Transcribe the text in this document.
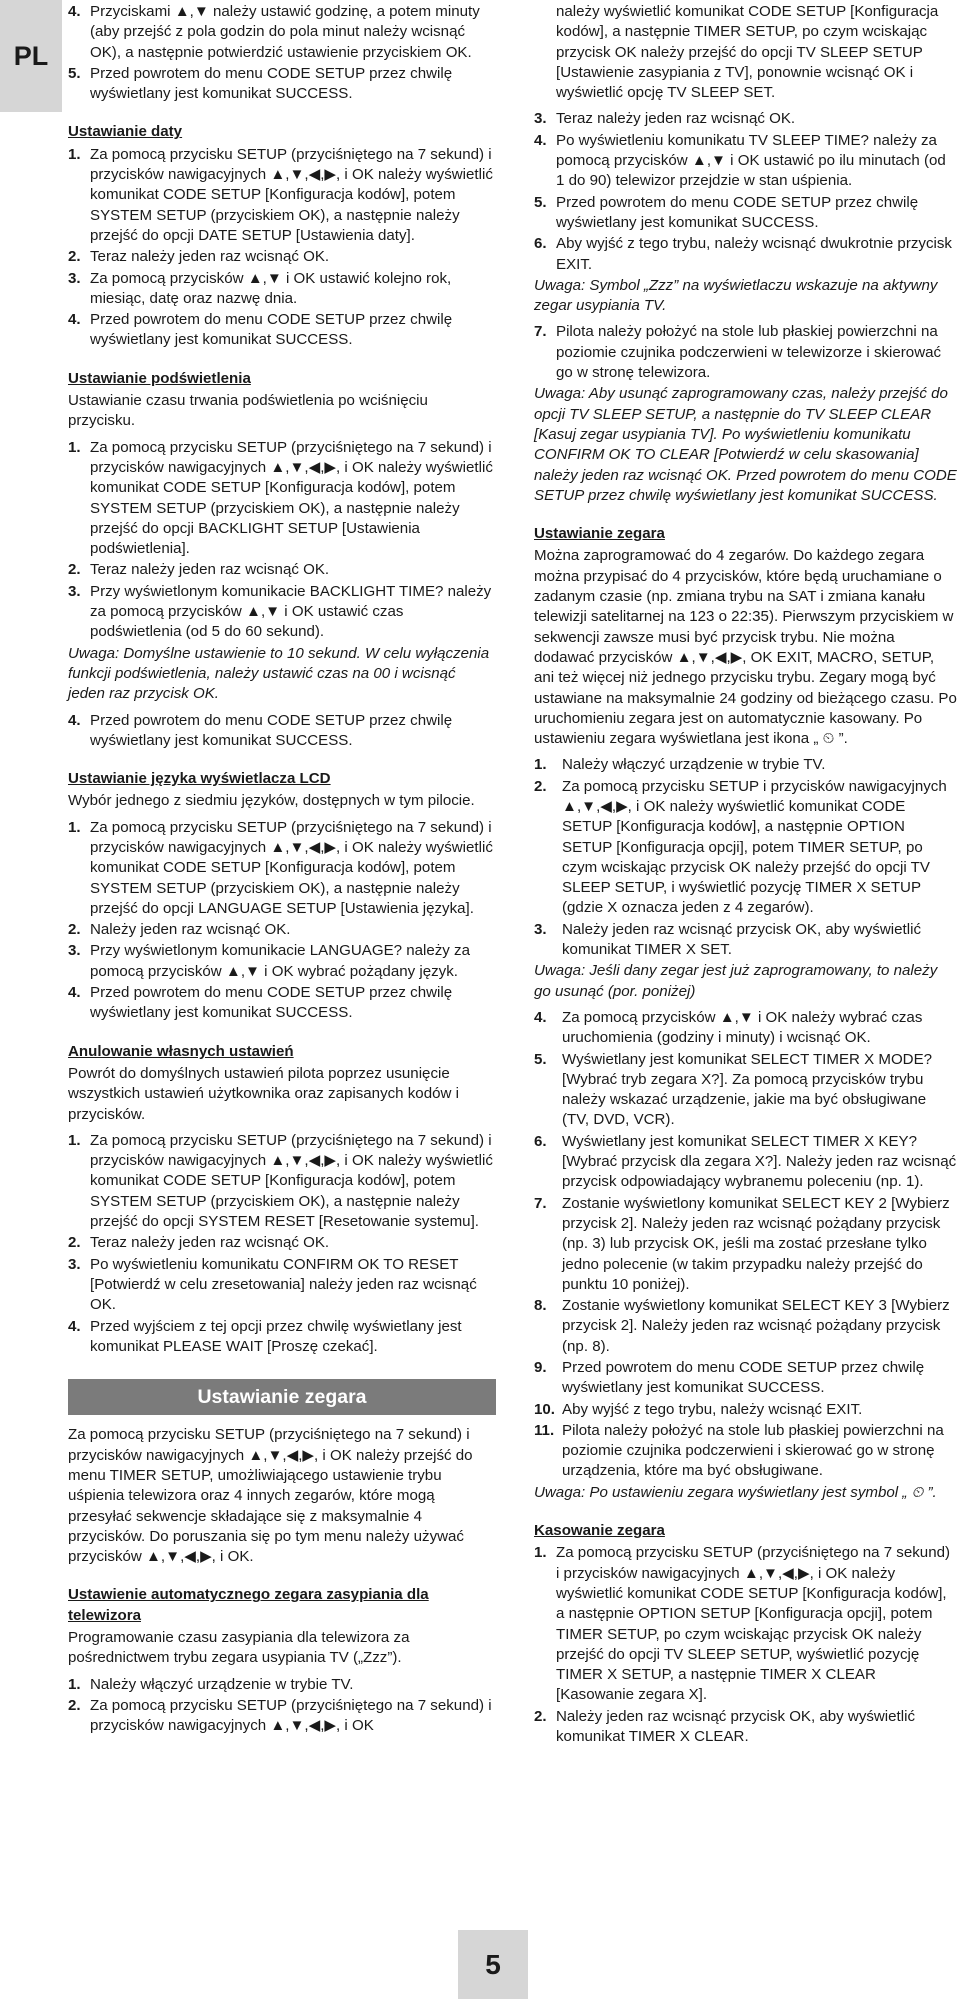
PL
4. Przyciskami ▲,▼ należy ustawić godzinę, a potem minuty (aby przejść z pola godzin do pola minut należy wcisnąć OK), a następnie potwierdzić ustawienie przyciskiem OK.
5. Przed powrotem do menu CODE SETUP przez chwilę wyświetlany jest komunikat SUCCESS.
Ustawianie daty
1. Za pomocą przycisku SETUP (przyciśniętego na 7 sekund) i przycisków nawigacyjnych ▲,▼,◀,▶, i OK należy wyświetlić komunikat CODE SETUP [Konfiguracja kodów], potem SYSTEM SETUP (przyciskiem OK), a następnie należy przejść do opcji DATE SETUP [Ustawienia daty].
2. Teraz należy jeden raz wcisnąć OK.
3. Za pomocą przycisków ▲,▼ i OK ustawić kolejno rok, miesiąc, datę oraz nazwę dnia.
4. Przed powrotem do menu CODE SETUP przez chwilę wyświetlany jest komunikat SUCCESS.
Ustawianie podświetlenia

Ustawianie czasu trwania podświetlenia po wciśnięciu przycisku.

1. Za pomocą przycisku SETUP (przyciśniętego na 7 sekund) i przycisków nawigacyjnych ▲,▼,◀,▶, i OK należy wyświetlić komunikat CODE SETUP [Konfiguracja kodów], potem SYSTEM SETUP (przyciskiem OK), a następnie należy przejść do opcji BACKLIGHT SETUP [Ustawienia podświetlenia].
2. Teraz należy jeden raz wcisnąć OK.
3. Przy wyświetlonym komunikacie BACKLIGHT TIME? należy za pomocą przycisków ▲,▼ i OK ustawić czas podświetlenia (od 5 do 60 sekund).

Uwaga: Domyślne ustawienie to 10 sekund. W celu wyłączenia funkcji podświetlenia, należy ustawić czas na 00 i wcisnąć jeden raz przycisk OK.

4. Przed powrotem do menu CODE SETUP przez chwilę wyświetlany jest komunikat SUCCESS.
Ustawianie języka wyświetlacza LCD

Wybór jednego z siedmiu języków, dostępnych w tym pilocie.

1. Za pomocą przycisku SETUP (przyciśniętego na 7 sekund) i przycisków nawigacyjnych ▲,▼,◀,▶, i OK należy wyświetlić komunikat CODE SETUP [Konfiguracja kodów], potem SYSTEM SETUP (przyciskiem OK), a następnie należy przejść do opcji LANGUAGE SETUP [Ustawienia języka].
2. Należy jeden raz wcisnąć OK.
3. Przy wyświetlonym komunikacie LANGUAGE? należy za pomocą przycisków ▲,▼ i OK wybrać pożądany język.
4. Przed powrotem do menu CODE SETUP przez chwilę wyświetlany jest komunikat SUCCESS.
Anulowanie własnych ustawień

Powrót do domyślnych ustawień pilota poprzez usunięcie wszystkich ustawień użytkownika oraz zapisanych kodów i przycisków.

1. Za pomocą przycisku SETUP (przyciśniętego na 7 sekund) i przycisków nawigacyjnych ▲,▼,◀,▶, i OK należy wyświetlić komunikat CODE SETUP [Konfiguracja kodów], potem SYSTEM SETUP (przyciskiem OK), a następnie należy przejść do opcji SYSTEM RESET [Resetowanie systemu].
2. Teraz należy jeden raz wcisnąć OK.
3. Po wyświetleniu komunikatu CONFIRM OK TO RESET [Potwierdź w celu zresetowania] należy jeden raz wcisnąć OK.
4. Przed wyjściem z tej opcji przez chwilę wyświetlany jest komunikat PLEASE WAIT [Proszę czekać].
Ustawianie zegara

Za pomocą przycisku SETUP (przyciśniętego na 7 sekund) i przycisków nawigacyjnych ▲,▼,◀,▶, i OK należy przejść do menu TIMER SETUP, umożliwiającego ustawienie trybu uśpienia telewizora oraz 4 innych zegarów, które mogą przesyłać sekwencje składające się z maksymalnie 4 przycisków. Do poruszania się po tym menu należy używać przycisków ▲,▼,◀,▶, i OK.

Ustawienie automatycznego zegara zasypiania dla telewizora

Programowanie czasu zasypiania dla telewizora za pośrednictwem trybu zegara usypiania TV („Zzz”).

1. Należy włączyć urządzenie w trybie TV.
2. Za pomocą przycisku SETUP (przyciśniętego na 7 sekund) i przycisków nawigacyjnych ▲,▼,◀,▶, i OK

należy wyświetlić komunikat CODE SETUP [Konfiguracja kodów], a następnie TIMER SETUP, po czym wciskając przycisk OK należy przejść do opcji TV SLEEP SETUP [Ustawienie zasypiania z TV], ponownie wcisnąć OK i wyświetlić opcję TV SLEEP SET.

3. Teraz należy jeden raz wcisnąć OK.
4. Po wyświetleniu komunikatu TV SLEEP TIME? należy za pomocą przycisków ▲,▼ i OK ustawić po ilu minutach (od 1 do 90) telewizor przejdzie w stan uśpienia.
5. Przed powrotem do menu CODE SETUP przez chwilę wyświetlany jest komunikat SUCCESS.
6. Aby wyjść z tego trybu, należy wcisnąć dwukrotnie przycisk EXIT.

Uwaga: Symbol „Zzz” na wyświetlaczu wskazuje na aktywny zegar usypiania TV.

7. Pilota należy położyć na stole lub płaskiej powierzchni na poziomie czujnika podczerwieni w telewizorze i skierować go w stronę telewizora.

Uwaga: Aby usunąć zaprogramowany czas, należy przejść do opcji TV SLEEP SETUP, a następnie do TV SLEEP CLEAR [Kasuj zegar usypiania TV]. Po wyświetleniu komunikatu CONFIRM OK TO CLEAR [Potwierdź w celu skasowania] należy jeden raz wcisnąć OK. Przed powrotem do menu CODE SETUP przez chwilę wyświetlany jest komunikat SUCCESS.

Ustawianie zegara

Można zaprogramować do 4 zegarów. Do każdego zegara można przypisać do 4 przycisków, które będą uruchamiane o zadanym czasie (np. zmiana trybu na SAT i zmiana kanału telewizji satelitarnej na 123 o 22:35). Pierwszym przyciskiem w sekwencji zawsze musi być przycisk trybu. Nie można dodawać przycisków ▲,▼,◀,▶, OK EXIT, MACRO, SETUP, ani też więcej niż jednego przycisku trybu. Zegary mogą być ustawiane na maksymalnie 24 godziny od bieżącego czasu. Po uruchomieniu zegara jest on automatycznie kasowany. Po ustawieniu zegara wyświetlana jest ikona „ ⏲ ”.

1. Należy włączyć urządzenie w trybie TV.
2. Za pomocą przycisku SETUP i przycisków nawigacyjnych ▲,▼,◀,▶, i OK należy wyświetlić komunikat CODE SETUP [Konfiguracja kodów], a następnie OPTION SETUP [Konfiguracja opcji], potem TIMER SETUP, po czym wciskając przycisk OK należy przejść do opcji TV SLEEP SETUP, i wyświetlić pozycję TIMER X SETUP (gdzie X oznacza jeden z 4 zegarów).
3. Należy jeden raz wcisnąć przycisk OK, aby wyświetlić komunikat TIMER X SET.

Uwaga: Jeśli dany zegar jest już zaprogramowany, to należy go usunąć (por. poniżej)

4. Za pomocą przycisków ▲,▼ i OK należy wybrać czas uruchomienia (godziny i minuty) i wcisnąć OK.
5. Wyświetlany jest komunikat SELECT TIMER X MODE? [Wybrać tryb zegara X?]. Za pomocą przycisków trybu należy wskazać urządzenie, jakie ma być obsługiwane (TV, DVD, VCR).
6. Wyświetlany jest komunikat SELECT TIMER X KEY? [Wybrać przycisk dla zegara X?]. Należy jeden raz wcisnąć przycisk odpowiadający wybranemu poleceniu (np. 1).
7. Zostanie wyświetlony komunikat SELECT KEY 2 [Wybierz przycisk 2]. Należy jeden raz wcisnąć pożądany przycisk (np. 3) lub przycisk OK, jeśli ma zostać przesłane tylko jedno polecenie (w takim przypadku należy przejść do punktu 10 poniżej).
8. Zostanie wyświetlony komunikat SELECT KEY 3 [Wybierz przycisk 2]. Należy jeden raz wcisnąć pożądany przycisk (np. 8).
9. Przed powrotem do menu CODE SETUP przez chwilę wyświetlany jest komunikat SUCCESS.
10. Aby wyjść z tego trybu, należy wcisnąć EXIT.
11. Pilota należy położyć na stole lub płaskiej powierzchni na poziomie czujnika podczerwieni i skierować go w stronę urządzenia, które ma być obsługiwane.

Uwaga: Po ustawieniu zegara wyświetlany jest symbol „ ⏲ ”.

Kasowanie zegara
1. Za pomocą przycisku SETUP (przyciśniętego na 7 sekund) i przycisków nawigacyjnych ▲,▼,◀,▶, i OK należy wyświetlić komunikat CODE SETUP [Konfiguracja kodów], a następnie OPTION SETUP [Konfiguracja opcji], potem TIMER SETUP, po czym wciskając przycisk OK należy przejść do opcji TV SLEEP SETUP, wyświetlić pozycję TIMER X SETUP, a następnie TIMER X CLEAR [Kasowanie zegara X].
2. Należy jeden raz wcisnąć przycisk OK, aby wyświetlić komunikat TIMER X CLEAR.
5
